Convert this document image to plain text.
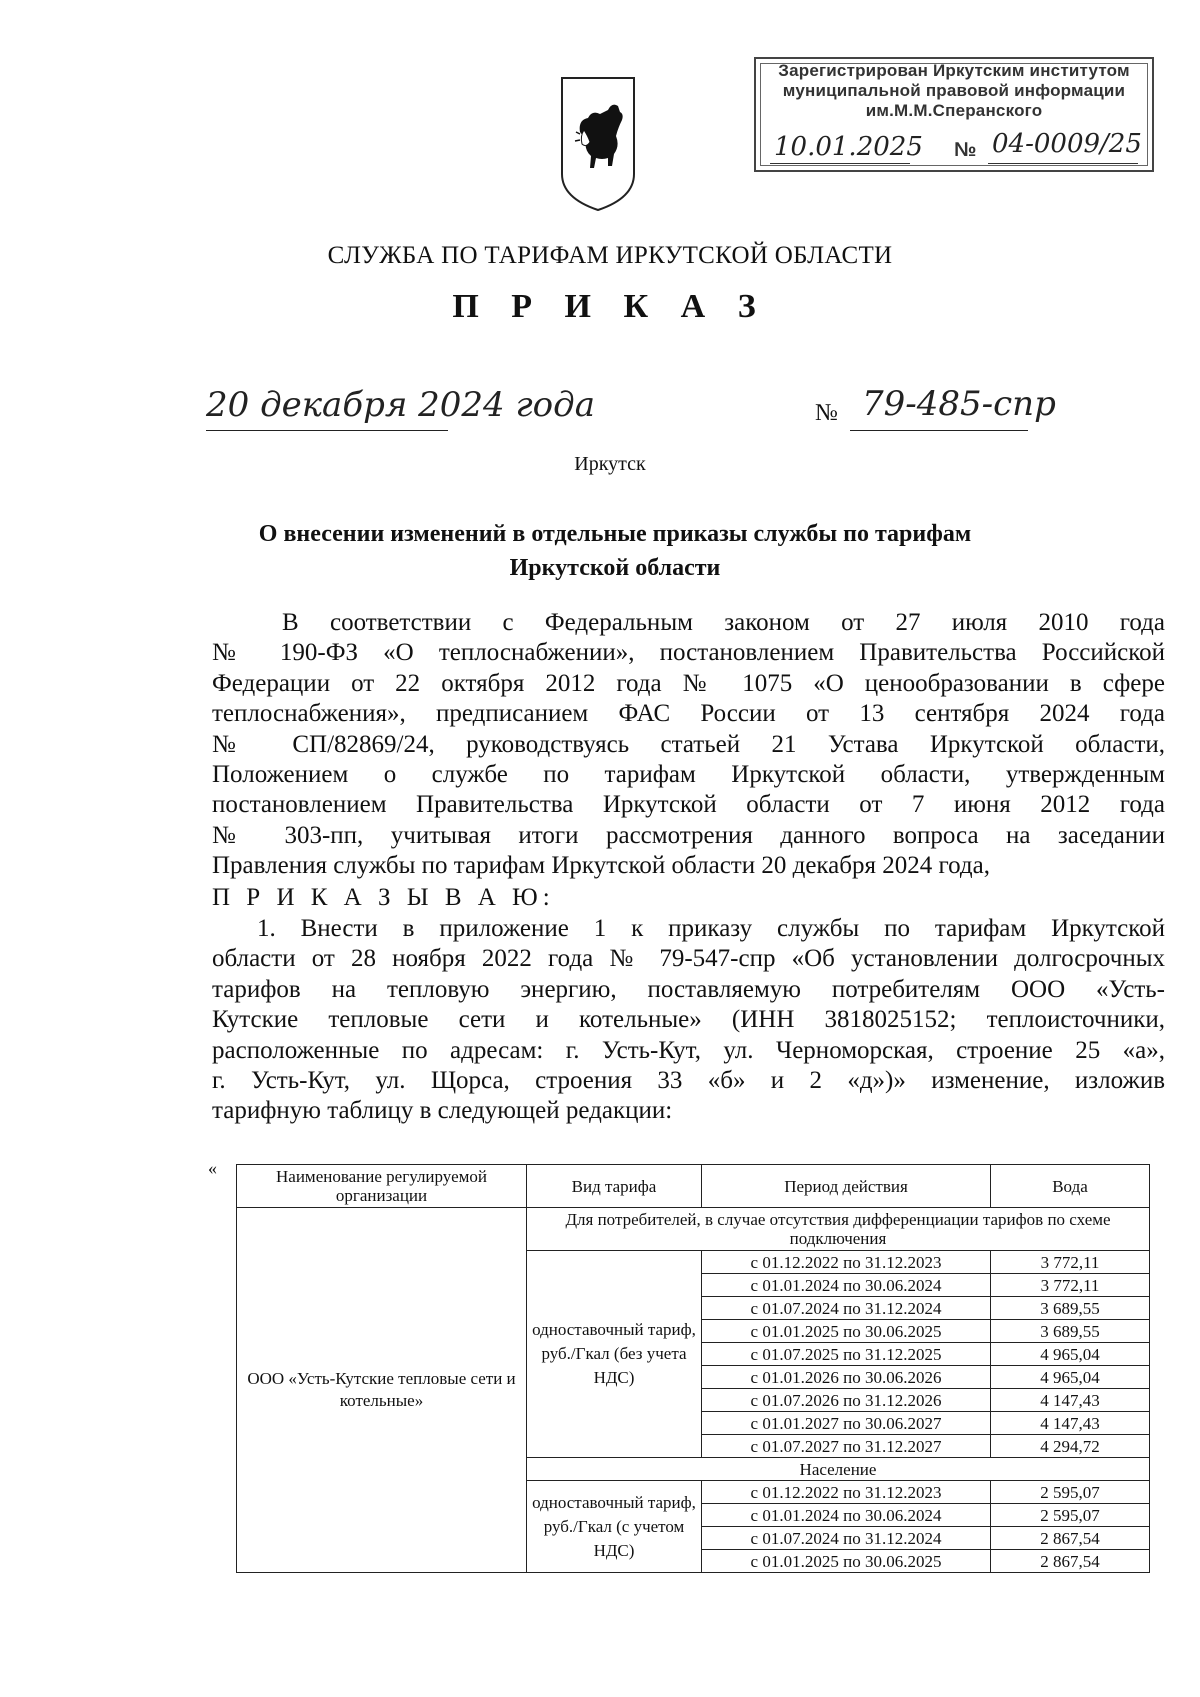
Зарегистрирован Иркутским институтом
муниципальной правовой информации
им.М.М.Сперанского
10.01.2025 № 04-0009/25
СЛУЖБА ПО ТАРИФАМ ИРКУТСКОЙ ОБЛАСТИ
П Р И К А З
20 декабря 2024 года	№ 79-485-спр
Иркутск
О внесении изменений в отдельные приказы службы по тарифам
Иркутской области
В соответствии с Федеральным законом от 27 июля 2010 года
№ 190-ФЗ «О теплоснабжении», постановлением Правительства Российской
Федерации от 22 октября 2012 года № 1075 «О ценообразовании в сфере
теплоснабжения», предписанием ФАС России от 13 сентября 2024 года
№ СП/82869/24, руководствуясь статьей 21 Устава Иркутской области,
Положением о службе по тарифам Иркутской области, утвержденным
постановлением Правительства Иркутской области от 7 июня 2012 года
№ 303-пп, учитывая итоги рассмотрения данного вопроса на заседании
Правления службы по тарифам Иркутской области 20 декабря 2024 года,
П Р И К А З Ы В А Ю:
1. Внести в приложение 1 к приказу службы по тарифам Иркутской
области от 28 ноября 2022 года № 79-547-спр «Об установлении долгосрочных
тарифов на тепловую энергию, поставляемую потребителям ООО «Усть-
Кутские тепловые сети и котельные» (ИНН 3818025152; теплоисточники,
расположенные по адресам: г. Усть-Кут, ул. Черноморская, строение 25 «а»,
г. Усть-Кут, ул. Щорса, строения 33 «б» и 2 «д»)» изменение, изложив
тарифную таблицу в следующей редакции:
«	Наименование регулируемой организации	Вид тарифа	Период действия	Вода
ООО «Усть-Кутские тепловые сети и котельные»	Для потребителей, в случае отсутствия дифференциации тарифов по схеме подключения		
	одноставочный тариф, руб./Гкал (без учета НДС)	с 01.12.2022 по 31.12.2023	3 772,11
		с 01.01.2024 по 30.06.2024	3 772,11
		с 01.07.2024 по 31.12.2024	3 689,55
		с 01.01.2025 по 30.06.2025	3 689,55
		с 01.07.2025 по 31.12.2025	4 965,04
		с 01.01.2026 по 30.06.2026	4 965,04
		с 01.07.2026 по 31.12.2026	4 147,43
		с 01.01.2027 по 30.06.2027	4 147,43
		с 01.07.2027 по 31.12.2027	4 294,72
	Население		
	одноставочный тариф, руб./Гкал (с учетом НДС)	с 01.12.2022 по 31.12.2023	2 595,07
		с 01.01.2024 по 30.06.2024	2 595,07
		с 01.07.2024 по 31.12.2024	2 867,54
		с 01.01.2025 по 30.06.2025	2 867,54
